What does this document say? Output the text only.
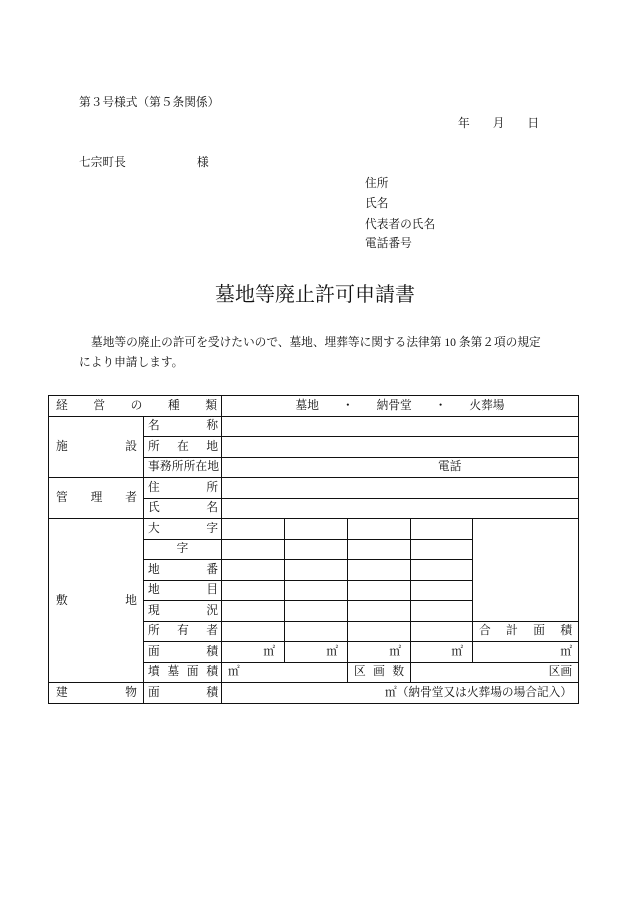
第３号様式（第５条関係）
年 月 日
七宗町長	様
住所
氏名
代表者の氏名
電話番号
墓地等廃止許可申請書
墓地等の廃止の許可を受けたいので、墓地、埋葬等に関する法律第 10 条第２項の規定
により申請します。
経営の種類		墓地 ・ 納骨堂 ・ 火葬場				

施設	名称					
	所在地					
	事務所所在地	電話				
管理者	住所					
	氏名					
敷地	大字					
	字					
	地番					
	地目					
	現況					
	所有者					合計面積
	面積	㎡	㎡	㎡	㎡	㎡
	墳墓面積	㎡		区画数	区画	
建物	面積	㎡（納骨堂又は火葬場の場合記入）				
